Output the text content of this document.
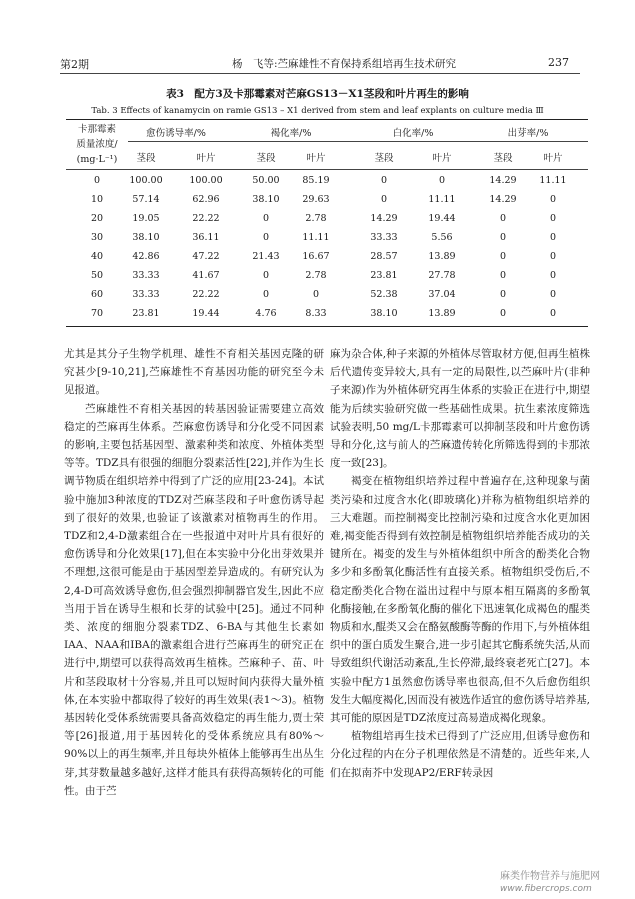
第2期	杨　飞等:苎麻雄性不育保持系组培再生技术研究	237
表3　配方3及卡那霉素对芒麻GS13－X1茎段和叶片再生的影响
Tab. 3 Effects of kanamycin on ramie GS13 – X1 derived from stem and leaf explants on culture media Ⅲ
卡那霉素
质量浓度/
(mg·L⁻¹)
愈伤诱导率/%	褐化率/%	白化率/%	出芽率/%
茎段	叶片	茎段	叶片	茎段	叶片	茎段	叶片
0	100.00	100.00	50.00	85.19	0	0	14.29	11.11
10	57.14	62.96	38.10	29.63	0	11.11	14.29	0
20	19.05	22.22	0	2.78	14.29	19.44	0	0
30	38.10	36.11	0	11.11	33.33	5.56	0	0
40	42.86	47.22	21.43	16.67	28.57	13.89	0	0
50	33.33	41.67	0	2.78	23.81	27.78	0	0
60	33.33	22.22	0	0	52.38	37.04	0	0
70	23.81	19.44	4.76	8.33	38.10	13.89	0	0

尤其是其分子生物学机理、雄性不育相关基因克隆的研究甚少[9-10,21],苎麻雄性不育基因功能的研究至今未见报道。

苎麻雄性不育相关基因的转基因验证需要建立高效稳定的苎麻再生体系。苎麻愈伤诱导和分化受不同因素的影响,主要包括基因型、激素种类和浓度、外植体类型等等。TDZ具有很强的细胞分裂素活性[22],并作为生长调节物质在组织培养中得到了广泛的应用[23-24]。本试验中施加3种浓度的TDZ对苎麻茎段和子叶愈伤诱导起到了很好的效果,也验证了该激素对植物再生的作用。TDZ和2,4-D激素组合在一些报道中对叶片具有很好的愈伤诱导和分化效果[17],但在本实验中分化出芽效果并不理想,这很可能是由于基因型差异造成的。有研究认为2,4-D可高效诱导愈伤,但会强烈抑制器官发生,因此不应当用于旨在诱导生根和长芽的试验中[25]。通过不同种类、浓度的细胞分裂素TDZ、6-BA与其他生长素如IAA、NAA和IBA的激素组合进行苎麻再生的研究正在进行中,期望可以获得高效再生植株。苎麻种子、苗、叶片和茎段取材十分容易,并且可以短时间内获得大量外植体,在本实验中都取得了较好的再生效果(表1～3)。植物基因转化受体系统需要具备高效稳定的再生能力,贾士荣等[26]报道,用于基因转化的受体系统应具有80%～90%以上的再生频率,并且每块外植体上能够再生出丛生芽,其芽数量越多越好,这样才能具有获得高频转化的可能性。由于苎

麻为杂合体,种子来源的外植体尽管取材方便,但再生植株后代遗传变异较大,具有一定的局限性,以苎麻叶片(非种子来源)作为外植体研究再生体系的实验正在进行中,期望能为后续实验研究做一些基础性成果。抗生素浓度筛选试验表明,50 mg/L卡那霉素可以抑制茎段和叶片愈伤诱导和分化,这与前人的苎麻遗传转化所筛选得到的卡那浓度一致[23]。

褐变在植物组织培养过程中普遍存在,这种现象与菌类污染和过度含水化(即玻璃化)并称为植物组织培养的三大难题。而控制褐变比控制污染和过度含水化更加困难,褐变能否得到有效控制是植物组织培养能否成功的关键所在。褐变的发生与外植体组织中所含的酚类化合物多少和多酚氧化酶活性有直接关系。植物组织受伤后,不稳定酚类化合物在溢出过程中与原本相互隔离的多酚氧化酶接触,在多酚氧化酶的催化下迅速氧化成褐色的醌类物质和水,醌类又会在酪氨酸酶等酶的作用下,与外植体组织中的蛋白质发生聚合,进一步引起其它酶系统失活,从而导致组织代谢活动紊乱,生长停滞,最终衰老死亡[27]。本实验中配方1虽然愈伤诱导率也很高,但不久后愈伤组织发生大幅度褐化,因而没有被选作适宜的愈伤诱导培养基,其可能的原因是TDZ浓度过高易造成褐化现象。

植物组培再生技术已得到了广泛应用,但诱导愈伤和分化过程的内在分子机理依然是不清楚的。近些年来,人们在拟南芥中发现AP2/ERF转录因

麻类作物营养与施肥网
www.fibercrops.com
